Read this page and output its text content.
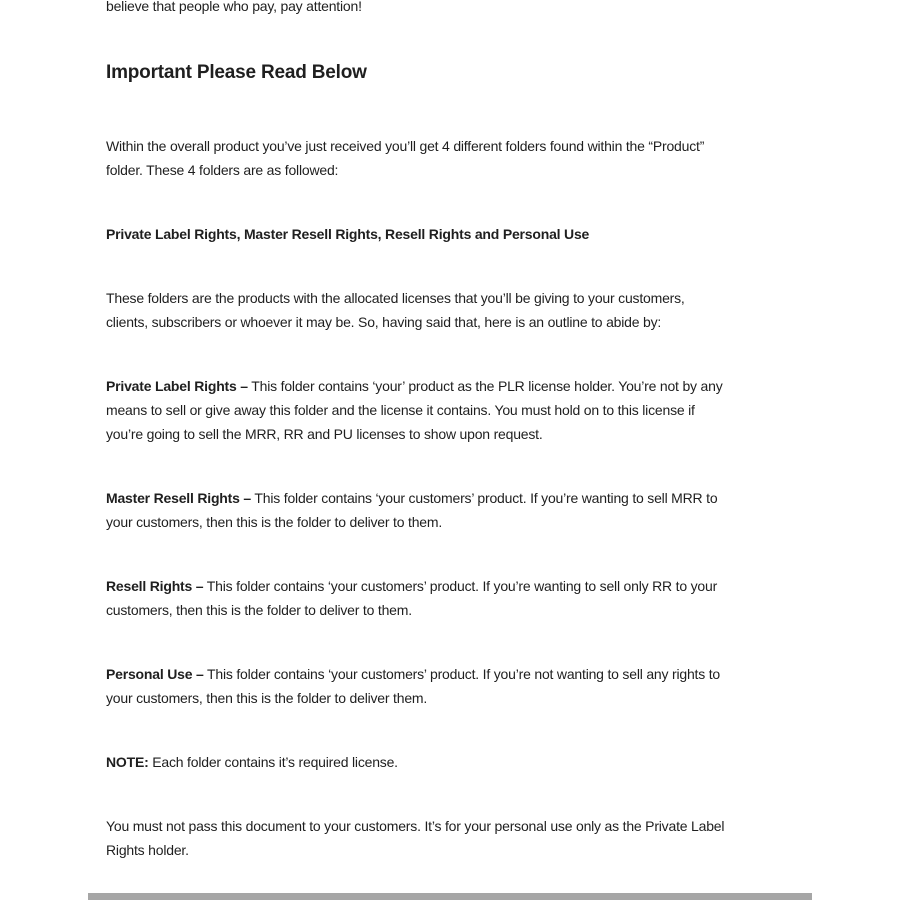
believe that people who pay, pay attention!
Important Please Read Below
Within the overall product you’ve just received you’ll get 4 different folders found within the “Product”
folder. These 4 folders are as followed:
Private Label Rights, Master Resell Rights, Resell Rights and Personal Use
These folders are the products with the allocated licenses that you’ll be giving to your customers,
clients, subscribers or whoever it may be. So, having said that, here is an outline to abide by:
Private Label Rights – This folder contains ‘your’ product as the PLR license holder. You’re not by any
means to sell or give away this folder and the license it contains. You must hold on to this license if
you’re going to sell the MRR, RR and PU licenses to show upon request.
Master Resell Rights – This folder contains ‘your customers’ product. If you’re wanting to sell MRR to
your customers, then this is the folder to deliver to them.
Resell Rights – This folder contains ‘your customers’ product. If you’re wanting to sell only RR to your
customers, then this is the folder to deliver to them.
Personal Use – This folder contains ‘your customers’ product. If you’re not wanting to sell any rights to
your customers, then this is the folder to deliver them.
NOTE: Each folder contains it’s required license.
You must not pass this document to your customers. It’s for your personal use only as the Private Label
Rights holder.
